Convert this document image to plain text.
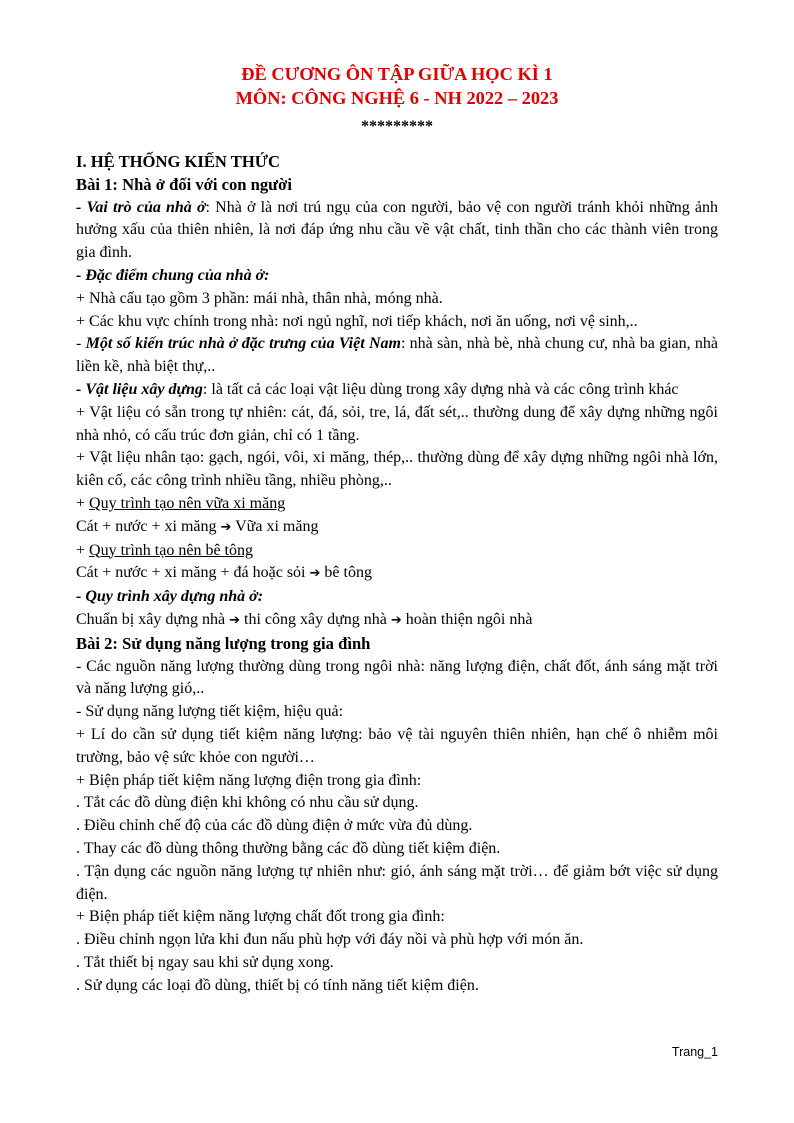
ĐỀ CƯƠNG ÔN TẬP GIỮA HỌC KÌ 1
MÔN: CÔNG NGHỆ 6 - NH 2022 – 2023
*********
I. HỆ THỐNG KIẾN THỨC
Bài 1: Nhà ở đối với con người
- Vai trò của nhà ở: Nhà ở là nơi trú ngụ của con người, bảo vệ con người tránh khỏi những ảnh hưởng xấu của thiên nhiên, là nơi đáp ứng nhu cầu về vật chất, tinh thần cho các thành viên trong gia đình.
- Đặc điểm chung của nhà ở:
+ Nhà cấu tạo gồm 3 phần: mái nhà, thân nhà, móng nhà.
+ Các khu vực chính trong nhà: nơi ngủ nghĩ, nơi tiếp khách, nơi ăn uống, nơi vệ sinh,..
- Một số kiến trúc nhà ở đặc trưng của Việt Nam: nhà sàn, nhà bè, nhà chung cư, nhà ba gian, nhà liền kề, nhà biệt thự,..
- Vật liệu xây dựng: là tất cả các loại vật liệu dùng trong xây dựng nhà và các công trình khác
+ Vật liệu có sẵn trong tự nhiên: cát, đá, sỏi, tre, lá, đất sét,.. thường dung để xây dựng những ngôi nhà nhỏ, có cấu trúc đơn giản, chỉ có 1 tầng.
+ Vật liệu nhân tạo: gạch, ngói, vôi, xi măng, thép,.. thường dùng để xây dựng những ngôi nhà lớn, kiên cố, các công trình nhiều tầng, nhiều phòng,..
+ Quy trình tạo nên vữa xi măng
Cát + nước + xi măng ➔ Vữa xi măng
+ Quy trình tạo nên bê tông
Cát + nước + xi măng + đá hoặc sỏi ➔ bê tông
- Quy trình xây dựng nhà ở:
Chuẩn bị xây dựng nhà ➔ thi công xây dựng nhà ➔ hoàn thiện ngôi nhà
Bài 2: Sử dụng năng lượng trong gia đình
- Các nguồn năng lượng thường dùng trong ngôi nhà: năng lượng điện, chất đốt, ánh sáng mặt trời và năng lượng gió,..
- Sử dụng năng lượng tiết kiệm, hiệu quả:
+ Lí do cần sử dụng tiết kiệm năng lượng: bảo vệ tài nguyên thiên nhiên, hạn chế ô nhiễm môi trường, bảo vệ sức khỏe con người…
+ Biện pháp tiết kiệm năng lượng điện trong gia đình:
. Tắt các đồ dùng điện khi không có nhu cầu sử dụng.
. Điều chỉnh chế độ của các đồ dùng điện ở mức vừa đủ dùng.
. Thay các đồ dùng thông thường bằng các đồ dùng tiết kiệm điện.
. Tận dụng các nguồn năng lượng tự nhiên như: gió, ánh sáng mặt trời… để giảm bớt việc sử dụng điện.
+ Biện pháp tiết kiệm năng lượng chất đốt trong gia đình:
. Điều chỉnh ngọn lửa khi đun nấu phù hợp với đáy nồi và phù hợp với món ăn.
. Tắt thiết bị ngay sau khi sử dụng xong.
. Sử dụng các loại đồ dùng, thiết bị có tính năng tiết kiệm điện.
Trang_1
